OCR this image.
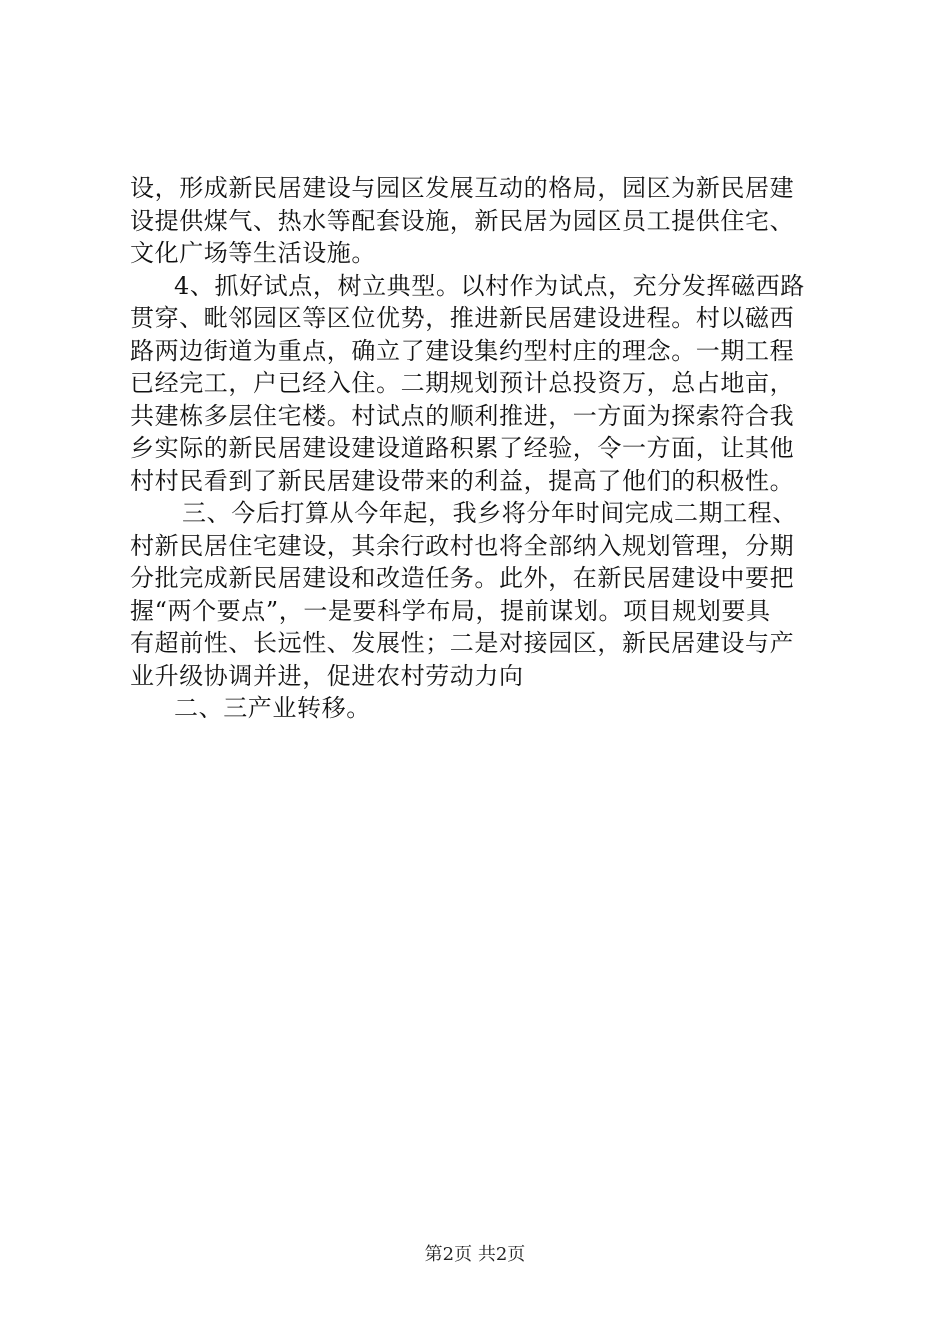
设，形成新民居建设与园区发展互动的格局，园区为新民居建
设提供煤气、热水等配套设施，新民居为园区员工提供住宅、
文化广场等生活设施。
4、抓好试点，树立典型。以村作为试点，充分发挥磁西路
贯穿、毗邻园区等区位优势，推进新民居建设进程。村以磁西
路两边街道为重点，确立了建设集约型村庄的理念。一期工程
已经完工，户已经入住。二期规划预计总投资万，总占地亩，
共建栋多层住宅楼。村试点的顺利推进，一方面为探索符合我
乡实际的新民居建设建设道路积累了经验，令一方面，让其他
村村民看到了新民居建设带来的利益，提高了他们的积极性。
三、今后打算从今年起，我乡将分年时间完成二期工程、
村新民居住宅建设，其余行政村也将全部纳入规划管理，分期
分批完成新民居建设和改造任务。此外，在新民居建设中要把
握“两个要点”，一是要科学布局，提前谋划。项目规划要具
有超前性、长远性、发展性；二是对接园区，新民居建设与产
业升级协调并进，促进农村劳动力向
二、三产业转移。
第2页 共2页
